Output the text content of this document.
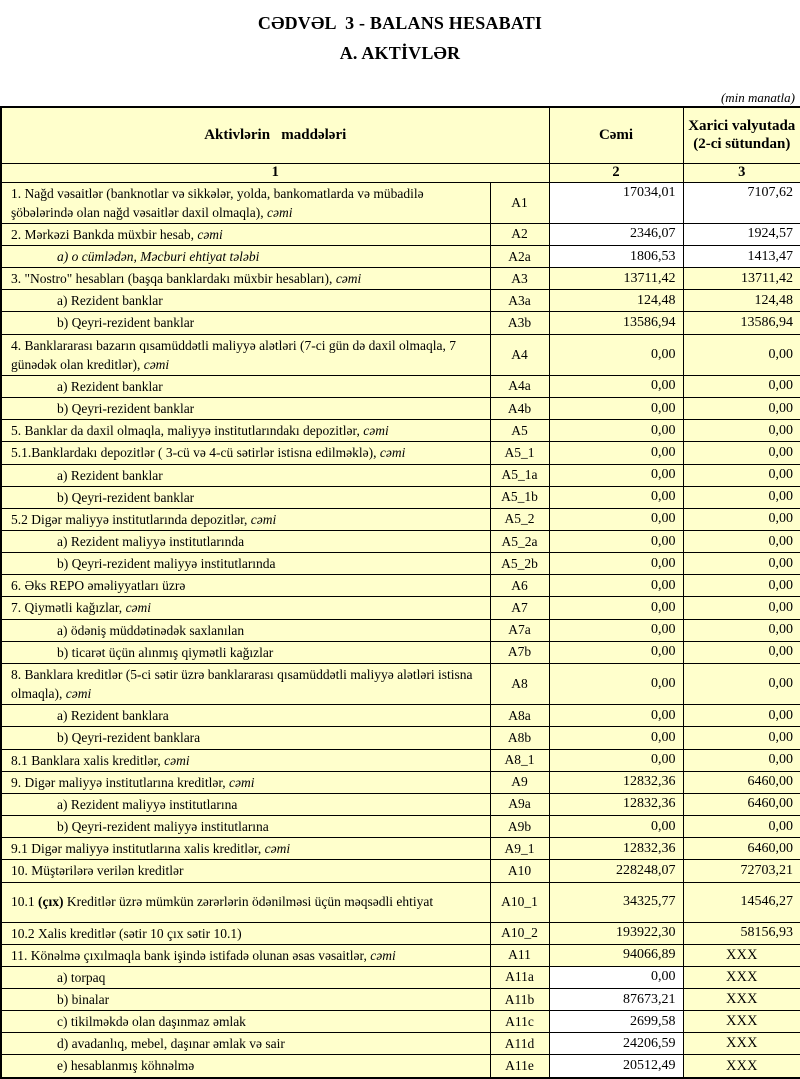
CƏDVƏL  3 - BALANS HESABATI
A. AKTİVLƏR
(min manatla)
Aktivlərin   maddələri		Cəmi	Xarici valyutada (2-ci sütundan)
1		2	3
1. Nağd vəsaitlər (banknotlar və sikkələr, yolda, bankomatlarda və mübadilə şöbələrində olan nağd vəsaitlər daxil olmaqla), cəmi	A1	17034,01	7107,62
2. Mərkəzi Bankda müxbir hesab, cəmi	A2	2346,07	1924,57
a) o cümlədən, Məcburi ehtiyat tələbi	A2a	1806,53	1413,47
3. "Nostro" hesabları (başqa banklardakı müxbir hesabları), cəmi	A3	13711,42	13711,42
a) Rezident banklar	A3a	124,48	124,48
b) Qeyri-rezident banklar	A3b	13586,94	13586,94
4. Banklararası bazarın qısamüddətli maliyyə alətləri (7-ci gün də daxil olmaqla, 7 günədək olan kreditlər), cəmi	A4	0,00	0,00
a) Rezident banklar	A4a	0,00	0,00
b) Qeyri-rezident banklar	A4b	0,00	0,00
5. Banklar da daxil olmaqla, maliyyə institutlarındakı depozitlər, cəmi	A5	0,00	0,00
5.1.Banklardakı depozitlər ( 3-cü və 4-cü sətirlər istisna edilməklə), cəmi	A5_1	0,00	0,00
a) Rezident banklar	A5_1a	0,00	0,00
b) Qeyri-rezident banklar	A5_1b	0,00	0,00
5.2 Digər maliyyə institutlarında depozitlər, cəmi	A5_2	0,00	0,00
a) Rezident maliyyə institutlarında	A5_2a	0,00	0,00
b) Qeyri-rezident maliyyə institutlarında	A5_2b	0,00	0,00
6. Əks REPO əməliyyatları üzrə	A6	0,00	0,00
7. Qiymətli kağızlar, cəmi	A7	0,00	0,00
a) ödəniş müddətinədək saxlanılan	A7a	0,00	0,00
b) ticarət üçün alınmış qiymətli kağızlar	A7b	0,00	0,00
8. Banklara kreditlər (5-ci sətir üzrə banklararası qısamüddətli maliyyə alətləri istisna olmaqla), cəmi	A8	0,00	0,00
a) Rezident banklara	A8a	0,00	0,00
b) Qeyri-rezident banklara	A8b	0,00	0,00
8.1 Banklara xalis kreditlər, cəmi	A8_1	0,00	0,00
9. Digər maliyyə institutlarına kreditlər, cəmi	A9	12832,36	6460,00
a) Rezident maliyyə institutlarına	A9a	12832,36	6460,00
b) Qeyri-rezident maliyyə institutlarına	A9b	0,00	0,00
9.1 Digər maliyyə institutlarına xalis kreditlər, cəmi	A9_1	12832,36	6460,00
10. Müştərilərə verilən kreditlər	A10	228248,07	72703,21
10.1 (çıx) Kreditlər üzrə mümkün zərərlərin ödənilməsi üçün məqsədli ehtiyat	A10_1	34325,77	14546,27
10.2 Xalis kreditlər (sətir 10 çıx sətir 10.1)	A10_2	193922,30	58156,93
11. Könəlmə çıxılmaqla bank işində istifadə olunan əsas vəsaitlər, cəmi	A11	94066,89	XXX
a) torpaq	A11a	0,00	XXX
b) binalar	A11b	87673,21	XXX
c) tikilməkdə olan daşınmaz əmlak	A11c	2699,58	XXX
d) avadanlıq, mebel, daşınar əmlak və sair	A11d	24206,59	XXX
e) hesablanmış köhnəlmə	A11e	20512,49	XXX
